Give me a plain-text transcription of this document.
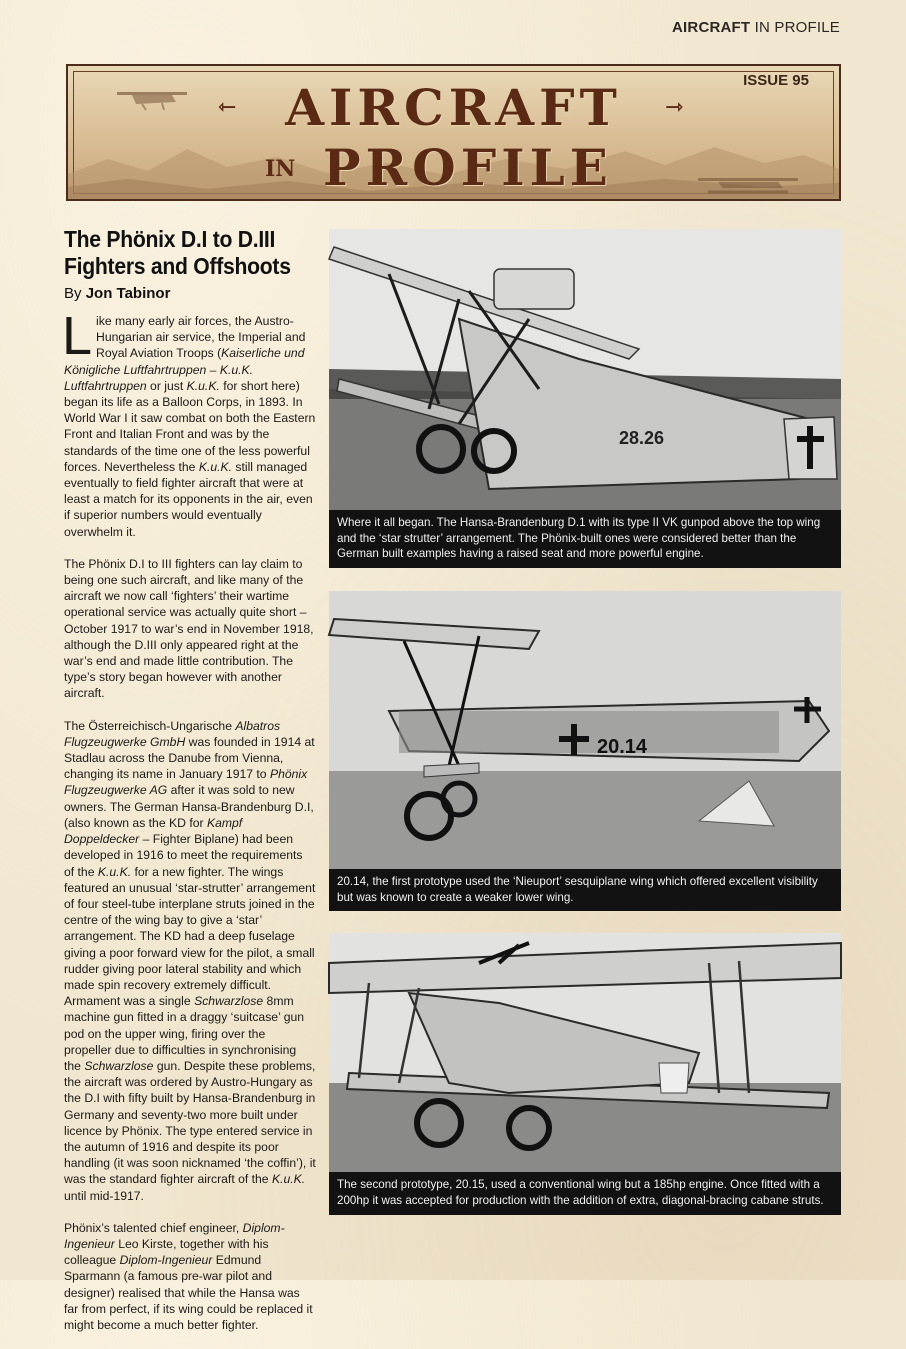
AIRCRAFT IN PROFILE
ISSUE 95
⇽	⇾
AIRCRAFT
IN PROFILE
The Phönix D.I to D.III Fighters and Offshoots
By Jon Tabinor

Like many early air forces, the Austro-Hungarian air service, the Imperial and Royal Aviation Troops (Kaiserliche und Königliche Luftfahrtruppen – K.u.K. Luftfahrtruppen or just K.u.K. for short here) began its life as a Balloon Corps, in 1893. In World War I it saw combat on both the Eastern Front and Italian Front and was by the standards of the time one of the less powerful forces. Nevertheless the K.u.K. still managed eventually to field fighter aircraft that were at least a match for its opponents in the air, even if superior numbers would eventually overwhelm it.

The Phönix D.I to III fighters can lay claim to being one such aircraft, and like many of the aircraft we now call ‘fighters’ their wartime operational service was actually quite short – October 1917 to war’s end in November 1918, although the D.III only appeared right at the war’s end and made little contribution. The type’s story began however with another aircraft.

The Österreichisch-Ungarische Albatros Flugzeugwerke GmbH was founded in 1914 at Stadlau across the Danube from Vienna, changing its name in January 1917 to Phönix Flugzeugwerke AG after it was sold to new owners. The German Hansa-Brandenburg D.I, (also known as the KD for Kampf Doppeldecker – Fighter Biplane) had been developed in 1916 to meet the requirements of the K.u.K. for a new fighter. The wings featured an unusual ‘star-strutter’ arrangement of four steel-tube interplane struts joined in the centre of the wing bay to give a ‘star’ arrangement. The KD had a deep fuselage giving a poor forward view for the pilot, a small rudder giving poor lateral stability and which made spin recovery extremely difficult. Armament was a single Schwarzlose 8mm machine gun fitted in a draggy ‘suitcase’ gun pod on the upper wing, firing over the propeller due to difficulties in synchronising the Schwarzlose gun. Despite these problems, the aircraft was ordered by Austro-Hungary as the D.I with fifty built by Hansa-Brandenburg in Germany and seventy-two more built under licence by Phönix. The type entered service in the autumn of 1916 and despite its poor handling (it was soon nicknamed ‘the coffin’), it was the standard fighter aircraft of the K.u.K. until mid-1917.

Phönix’s talented chief engineer, Diplom-Ingenieur Leo Kirste, together with his colleague Diplom-Ingenieur Edmund Sparmann (a famous pre-war pilot and designer) realised that while the Hansa was far from perfect, if its wing could be replaced it might become a much better fighter.

28.26
Where it all began. The Hansa-Brandenburg D.1 with its type II VK gunpod above the top wing and the ‘star strutter’ arrangement. The Phönix-built ones were considered better than the German built examples having a raised seat and more powerful engine.
20.14
20.14, the first prototype used the ‘Nieuport’ sesquiplane wing which offered excellent visibility but was known to create a weaker lower wing.
The second prototype, 20.15, used a conventional wing but a 185hp engine. Once fitted with a 200hp it was accepted for production with the addition of extra, diagonal-bracing cabane struts.
